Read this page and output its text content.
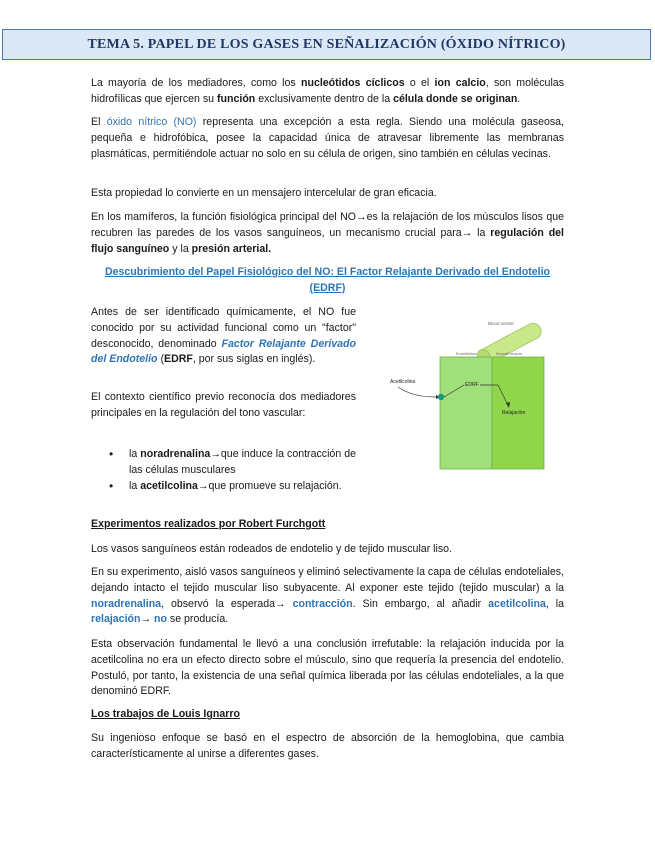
TEMA 5. PAPEL DE LOS GASES EN SEÑALIZACIÓN (ÓXIDO NÍTRICO)

La mayoría de los mediadores, como los nucleótidos cíclicos o el ion calcio, son moléculas hidrofílicas que ejercen su función exclusivamente dentro de la célula donde se originan.

El óxido nítrico (NO) representa una excepción a esta regla. Siendo una molécula gaseosa, pequeña e hidrofóbica, posee la capacidad única de atravesar libremente las membranas plasmáticas, permitiéndole actuar no solo en su célula de origen, sino también en células vecinas.

Esta propiedad lo convierte en un mensajero intercelular de gran eficacia.

En los mamíferos, la función fisiológica principal del NO→es la relajación de los músculos lisos que recubren las paredes de los vasos sanguíneos, un mecanismo crucial para→ la regulación del flujo sanguíneo y la presión arterial.

Descubrimiento del Papel Fisiológico del NO: El Factor Relajante Derivado del Endotelio (EDRF)

Antes de ser identificado químicamente, el NO fue conocido por su actividad funcional como un "factor" desconocido, denominado Factor Relajante Derivado del Endotelio (EDRF, por sus siglas en inglés).

El contexto científico previo reconocía dos mediadores principales en la regulación del tono vascular:

• la noradrenalina→que induce la contracción de las células musculares
• la acetilcolina→que promueve su relajación.
Blood vessel
Endothelium	Smooth muscle
Acetilcolina	EDRF
Relajación
Experimentos realizados por Robert Furchgott

Los vasos sanguíneos están rodeados de endotelio y de tejido muscular liso.

En su experimento, aisló vasos sanguíneos y eliminó selectivamente la capa de células endoteliales, dejando intacto el tejido muscular liso subyacente. Al exponer este tejido (tejido muscular) a la noradrenalina, observó la esperada→ contracción. Sin embargo, al añadir acetilcolina, la relajación→ no se producía.

Esta observación fundamental le llevó a una conclusión irrefutable: la relajación inducida por la acetilcolina no era un efecto directo sobre el músculo, sino que requería la presencia del endotelio. Postuló, por tanto, la existencia de una señal química liberada por las células endoteliales, a la que denominó EDRF.

Los trabajos de Louis Ignarro

Su ingenioso enfoque se basó en el espectro de absorción de la hemoglobina, que cambia característicamente al unirse a diferentes gases.
